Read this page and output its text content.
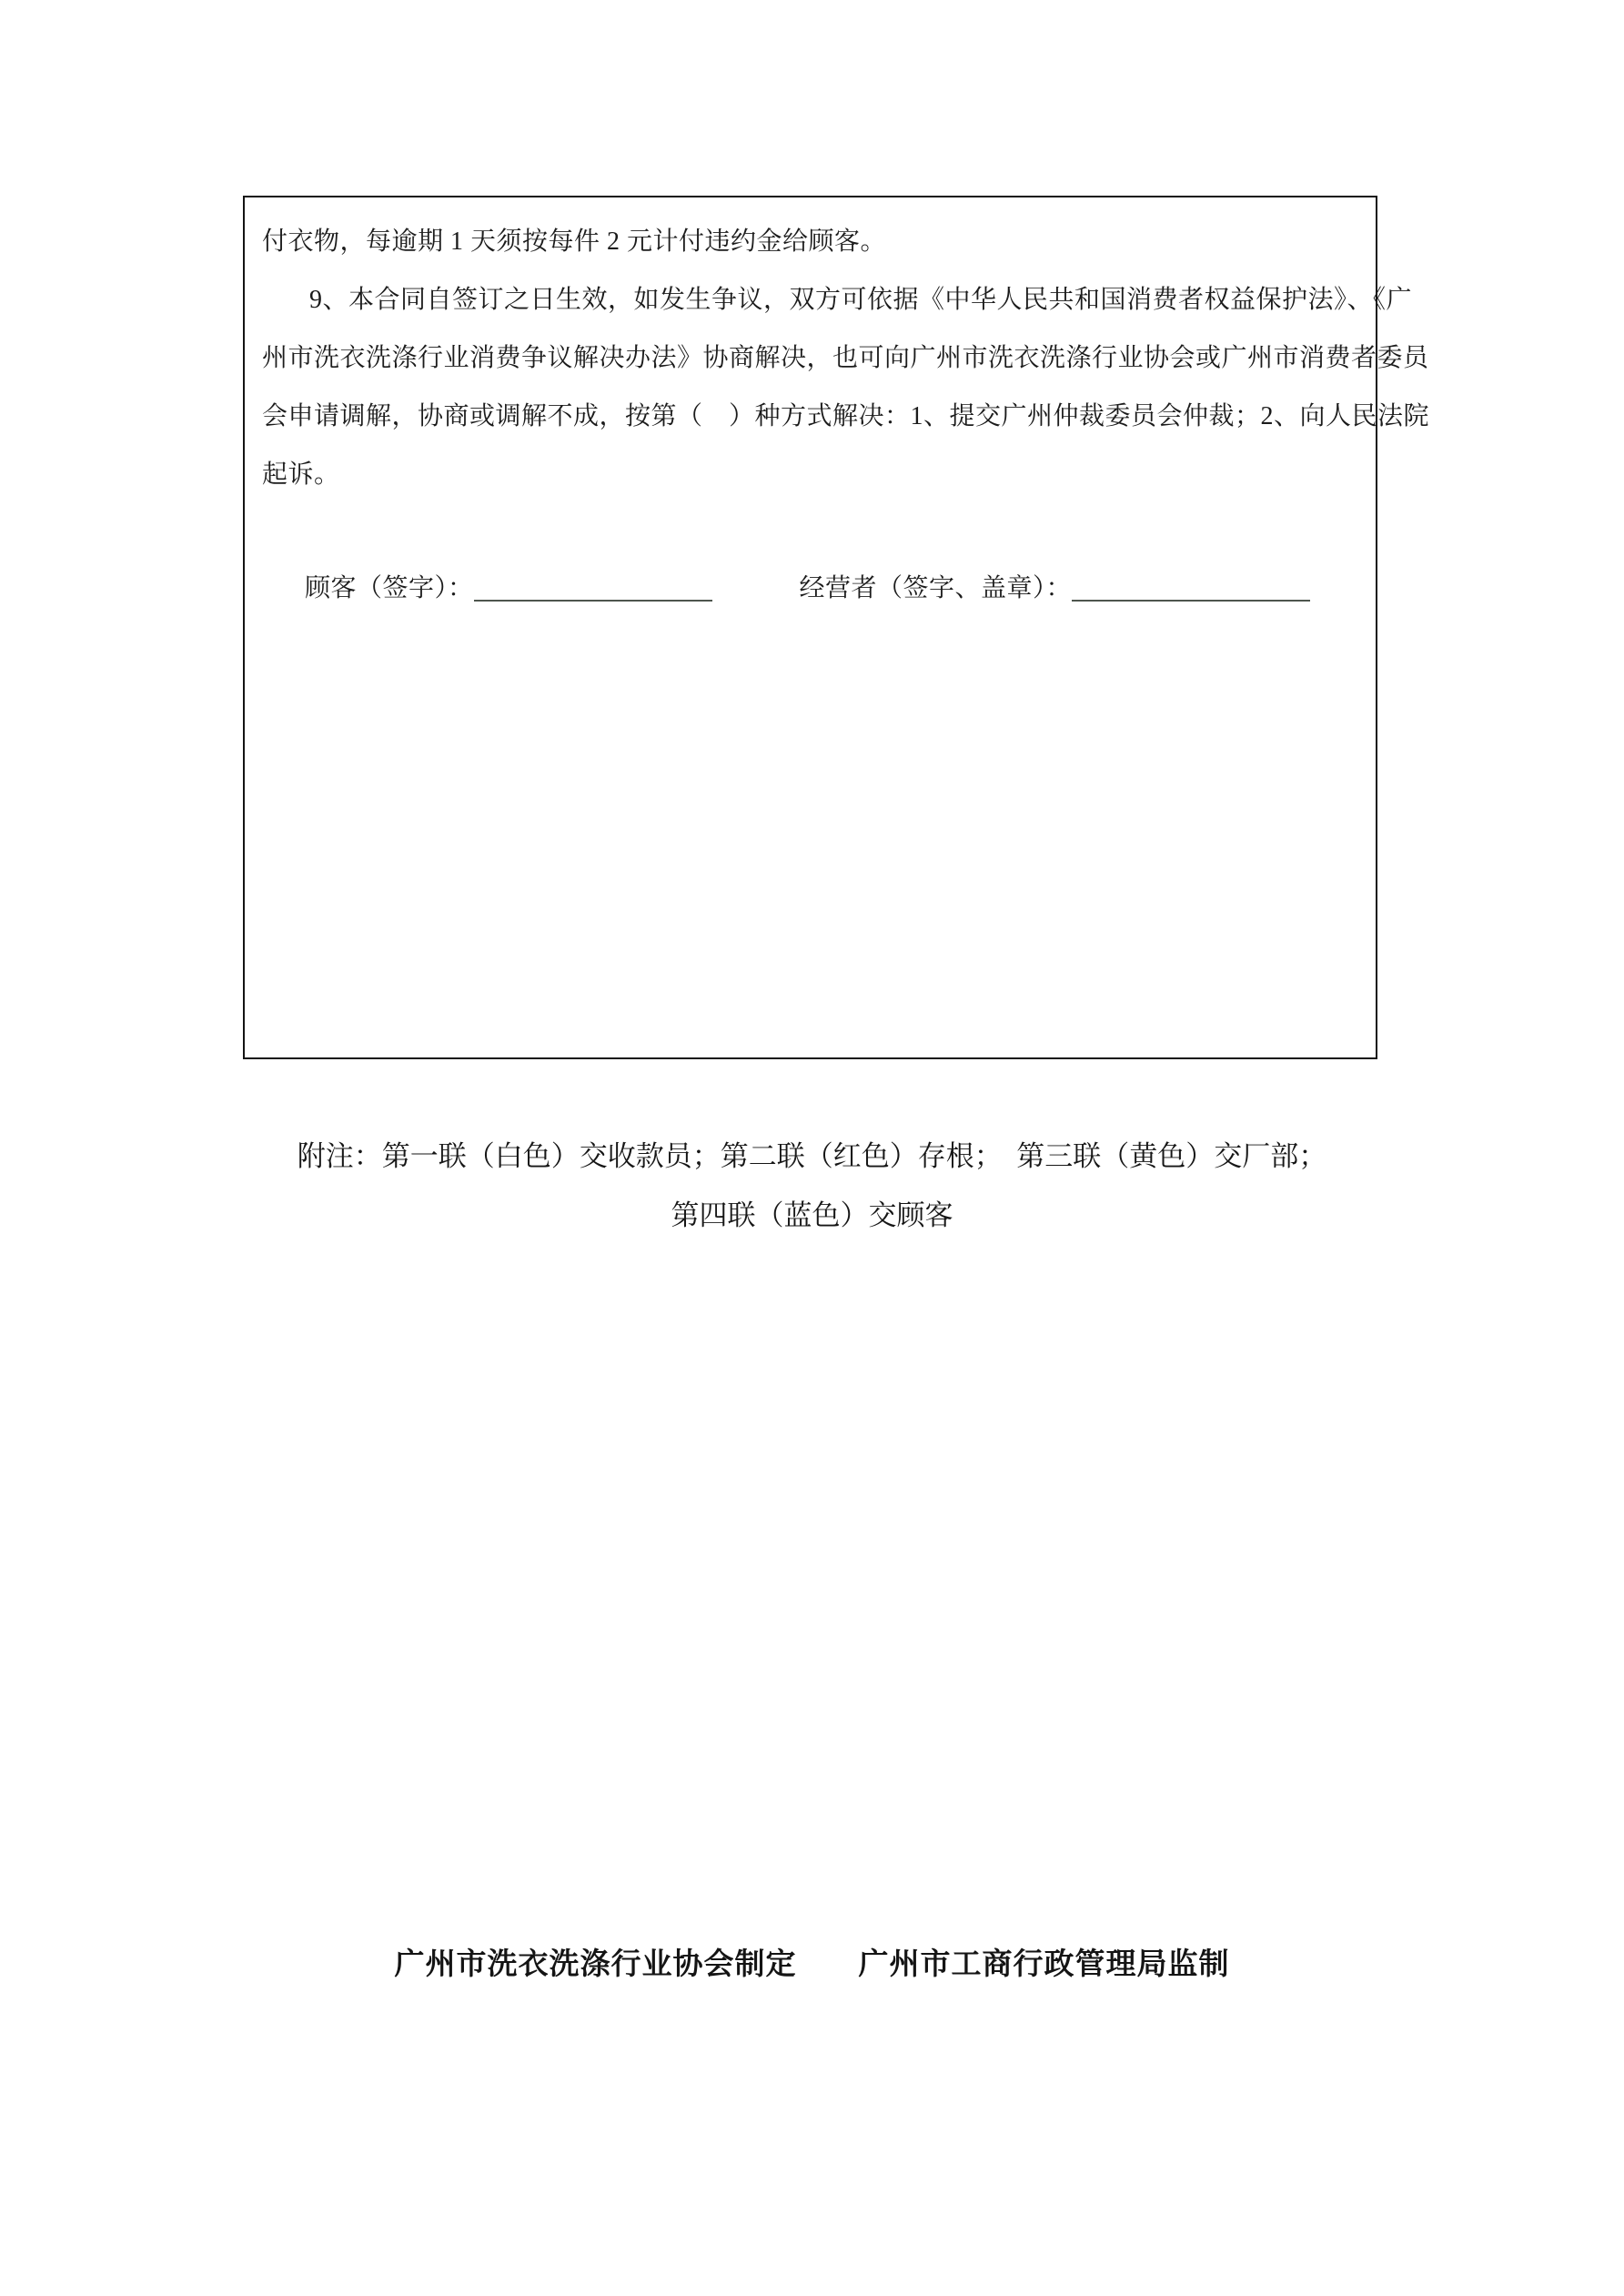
付衣物，每逾期 1 天须按每件 2 元计付违约金给顾客。
9、本合同自签订之日生效，如发生争议，双方可依据《中华人民共和国消费者权益保护法》、《广
州市洗衣洗涤行业消费争议解决办法》协商解决，也可向广州市洗衣洗涤行业协会或广州市消费者委员
会申请调解，协商或调解不成，按第（　）种方式解决：1、提交广州仲裁委员会仲裁；2、向人民法院
起诉。
顾客（签字）：	经营者（签字、盖章）：
附注：第一联（白色）交收款员；第二联（红色）存根；　第三联（黄色）交厂部；
第四联（蓝色）交顾客
广州市洗衣洗涤行业协会制定　　广州市工商行政管理局监制
